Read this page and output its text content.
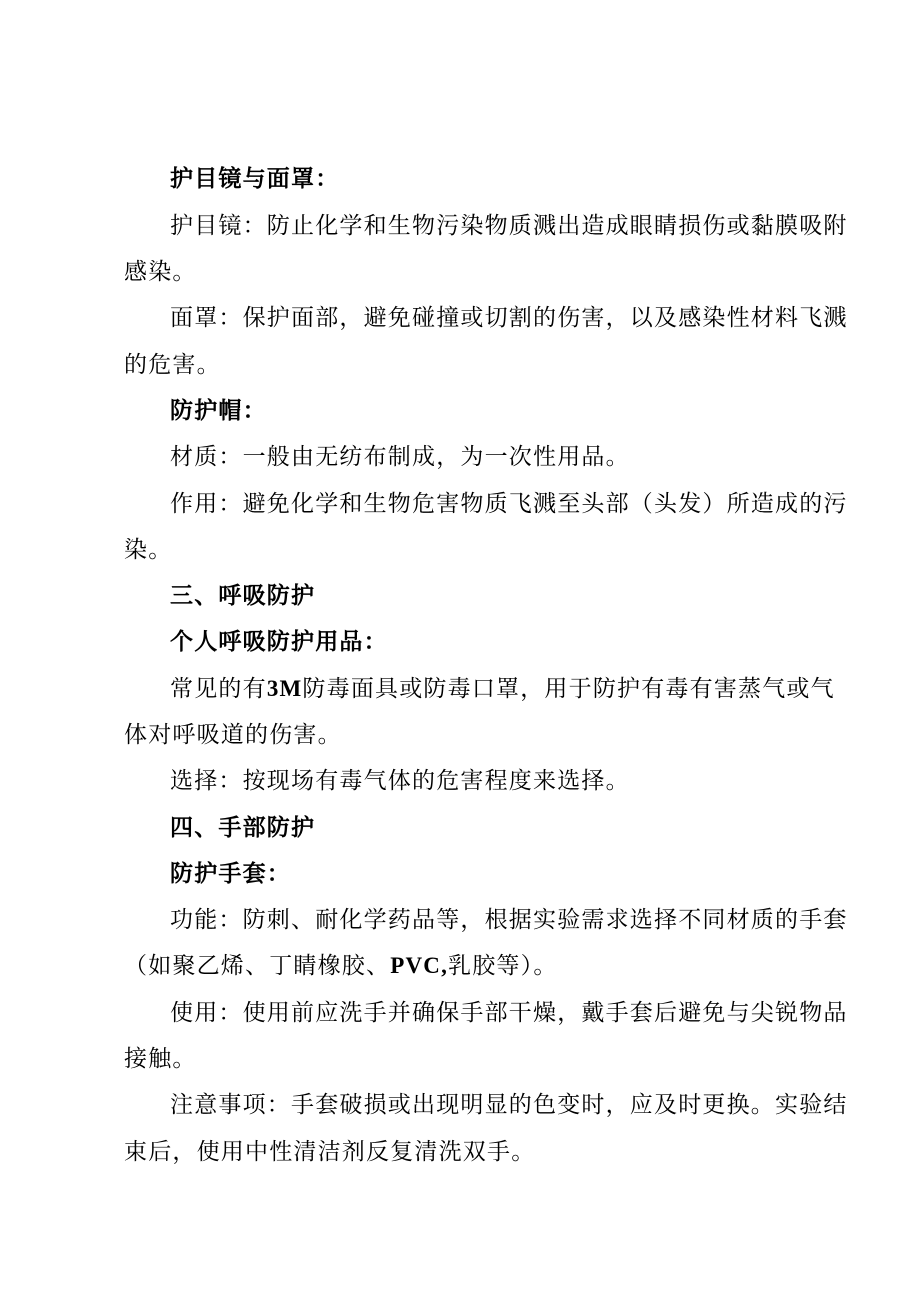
护目镜与面罩：
护目镜：防止化学和生物污染物质溅出造成眼睛损伤或黏膜吸附
感染。
面罩：保护面部，避免碰撞或切割的伤害，以及感染性材料飞溅
的危害。
防护帽：
材质：一般由无纺布制成，为一次性用品。
作用：避免化学和生物危害物质飞溅至头部（头发）所造成的污
染。
三、呼吸防护
个人呼吸防护用品：
常见的有3M防毒面具或防毒口罩，用于防护有毒有害蒸气或气
体对呼吸道的伤害。
选择：按现场有毒气体的危害程度来选择。
四、手部防护
防护手套：
功能：防刺、耐化学药品等，根据实验需求选择不同材质的手套
（如聚乙烯、丁睛橡胶、PVC,乳胶等）。
使用：使用前应洗手并确保手部干燥，戴手套后避免与尖锐物品
接触。
注意事项：手套破损或出现明显的色变时，应及时更换。实验结
束后，使用中性清洁剂反复清洗双手。
